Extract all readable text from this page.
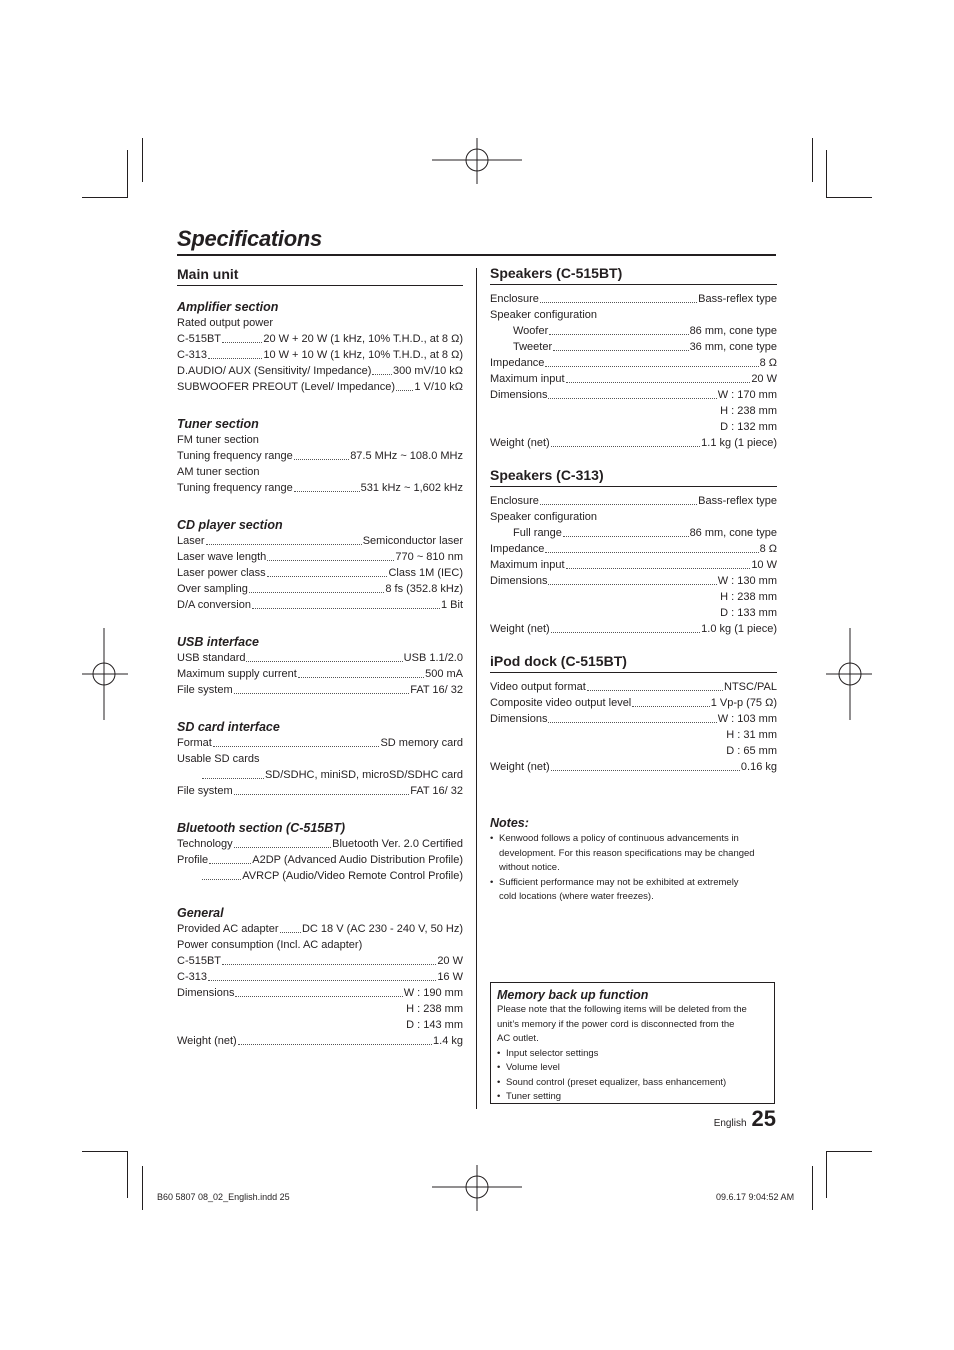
Specifications
Main unit
Amplifier section
Rated output power
C-515BT	20 W + 20 W (1 kHz, 10% T.H.D., at 8 Ω)
C-313	10 W + 10 W (1 kHz, 10% T.H.D., at 8 Ω)
D.AUDIO/ AUX (Sensitivity/ Impedance) 300 mV/10 kΩ
SUBWOOFER PREOUT (Level/ Impedance) 1 V/10 kΩ
Tuner section
FM tuner section
Tuning frequency range	87.5 MHz ~ 108.0 MHz
AM tuner section
Tuning frequency range	531 kHz ~ 1,602 kHz
CD player section
Laser	Semiconductor laser
Laser wave length	770 ~ 810 nm
Laser power class	Class 1M (IEC)
Over sampling	8 fs (352.8 kHz)
D/A conversion	1 Bit
USB interface
USB standard	USB 1.1/2.0
Maximum supply current	500 mA
File system	FAT 16/ 32
SD card interface
Format	SD memory card
Usable SD cards
SD/SDHC, miniSD, microSD/SDHC card
File system	FAT 16/ 32
Bluetooth section (C-515BT)
Technology	Bluetooth Ver. 2.0 Certified
Profile	A2DP (Advanced Audio Distribution Profile)
AVRCP (Audio/Video Remote Control Profile)
General
Provided AC adapter DC 18 V (AC 230 - 240 V, 50 Hz)
Power consumption (Incl. AC adapter)
C-515BT	20 W
C-313	16 W
Dimensions	W : 190 mm
H : 238 mm
D : 143 mm
Weight (net)	1.4 kg
Speakers (C-515BT)
Enclosure	Bass-reflex type
Speaker configuration
Woofer	86 mm, cone type
Tweeter	36 mm, cone type
Impedance	8 Ω
Maximum input	20 W
Dimensions	W : 170 mm
H : 238 mm
D : 132 mm
Weight (net)	1.1 kg (1 piece)
Speakers (C-313)
Enclosure	Bass-reflex type
Speaker configuration
Full range	86 mm, cone type
Impedance	8 Ω
Maximum input	10 W
Dimensions	W : 130 mm
H : 238 mm
D : 133 mm
Weight (net)	1.0 kg (1 piece)
iPod dock (C-515BT)
Video output format	NTSC/PAL
Composite video output level	1 Vp-p (75 Ω)
Dimensions	W : 103 mm
H : 31 mm
D : 65 mm
Weight (net)	0.16 kg
Notes:
• Kenwood follows a policy of continuous advancements in
development. For this reason specifications may be changed
without notice.
• Sufficient performance may not be exhibited at extremely
cold locations (where water freezes).
Memory back up function
Please note that the following items will be deleted from the
unit’s memory if the power cord is disconnected from the
AC outlet.
• Input selector settings
• Volume level
• Sound control (preset equalizer, bass enhancement)
• Tuner setting
English 25
B60 5807 08_02_English.indd 25	09.6.17 9:04:52 AM
